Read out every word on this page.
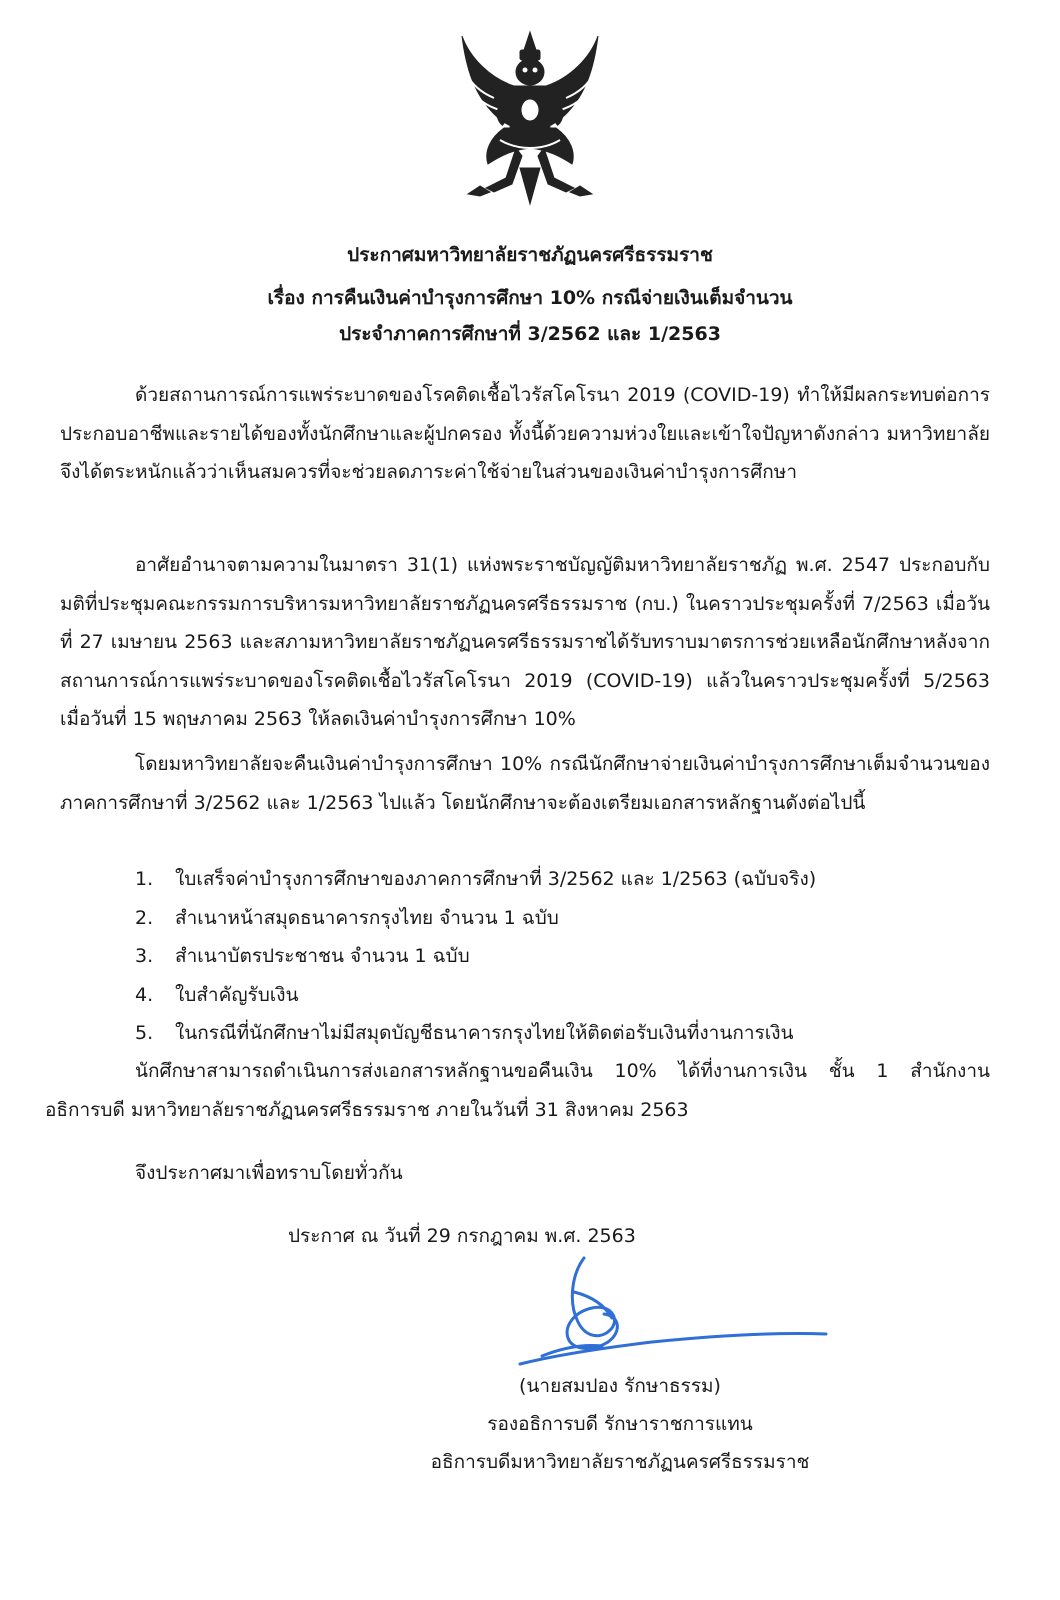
ประกาศมหาวิทยาลัยราชภัฏนครศรีธรรมราช
เรื่อง การคืนเงินค่าบำรุงการศึกษา 10% กรณีจ่ายเงินเต็มจำนวน
ประจำภาคการศึกษาที่ 3/2562 และ 1/2563
ด้วยสถานการณ์การแพร่ระบาดของโรคติดเชื้อไวรัสโคโรนา 2019 (COVID-19) ทำให้มีผลกระทบต่อการประกอบอาชีพและรายได้ของทั้งนักศึกษาและผู้ปกครอง ทั้งนี้ด้วยความห่วงใยและเข้าใจปัญหาดังกล่าว มหาวิทยาลัยจึงได้ตระหนักแล้วว่าเห็นสมควรที่จะช่วยลดภาระค่าใช้จ่ายในส่วนของเงินค่าบำรุงการศึกษา
อาศัยอำนาจตามความในมาตรา 31(1) แห่งพระราชบัญญัติมหาวิทยาลัยราชภัฏ พ.ศ. 2547 ประกอบกับมติที่ประชุมคณะกรรมการบริหารมหาวิทยาลัยราชภัฏนครศรีธรรมราช (กบ.) ในคราวประชุมครั้งที่ 7/2563 เมื่อวันที่ 27 เมษายน 2563 และสภามหาวิทยาลัยราชภัฏนครศรีธรรมราชได้รับทราบมาตรการช่วยเหลือนักศึกษาหลังจากสถานการณ์การแพร่ระบาดของโรคติดเชื้อไวรัสโคโรนา 2019 (COVID-19) แล้วในคราวประชุมครั้งที่ 5/2563 เมื่อวันที่ 15 พฤษภาคม 2563 ให้ลดเงินค่าบำรุงการศึกษา 10%
โดยมหาวิทยาลัยจะคืนเงินค่าบำรุงการศึกษา 10% กรณีนักศึกษาจ่ายเงินค่าบำรุงการศึกษาเต็มจำนวนของภาคการศึกษาที่ 3/2562 และ 1/2563 ไปแล้ว โดยนักศึกษาจะต้องเตรียมเอกสารหลักฐานดังต่อไปนี้
1.	ใบเสร็จค่าบำรุงการศึกษาของภาคการศึกษาที่ 3/2562 และ 1/2563 (ฉบับจริง)
2.	สำเนาหน้าสมุดธนาคารกรุงไทย จำนวน 1 ฉบับ
3.	สำเนาบัตรประชาชน จำนวน 1 ฉบับ
4.	ใบสำคัญรับเงิน
5.	ในกรณีที่นักศึกษาไม่มีสมุดบัญชีธนาคารกรุงไทยให้ติดต่อรับเงินที่งานการเงิน
นักศึกษาสามารถดำเนินการส่งเอกสารหลักฐานขอคืนเงิน 10% ได้ที่งานการเงิน ชั้น 1 สำนักงานอธิการบดี มหาวิทยาลัยราชภัฏนครศรีธรรมราช ภายในวันที่ 31 สิงหาคม 2563
จึงประกาศมาเพื่อทราบโดยทั่วกัน
ประกาศ ณ วันที่ 29 กรกฎาคม พ.ศ. 2563
(นายสมปอง รักษาธรรม)
รองอธิการบดี รักษาราชการแทน
อธิการบดีมหาวิทยาลัยราชภัฏนครศรีธรรมราช
